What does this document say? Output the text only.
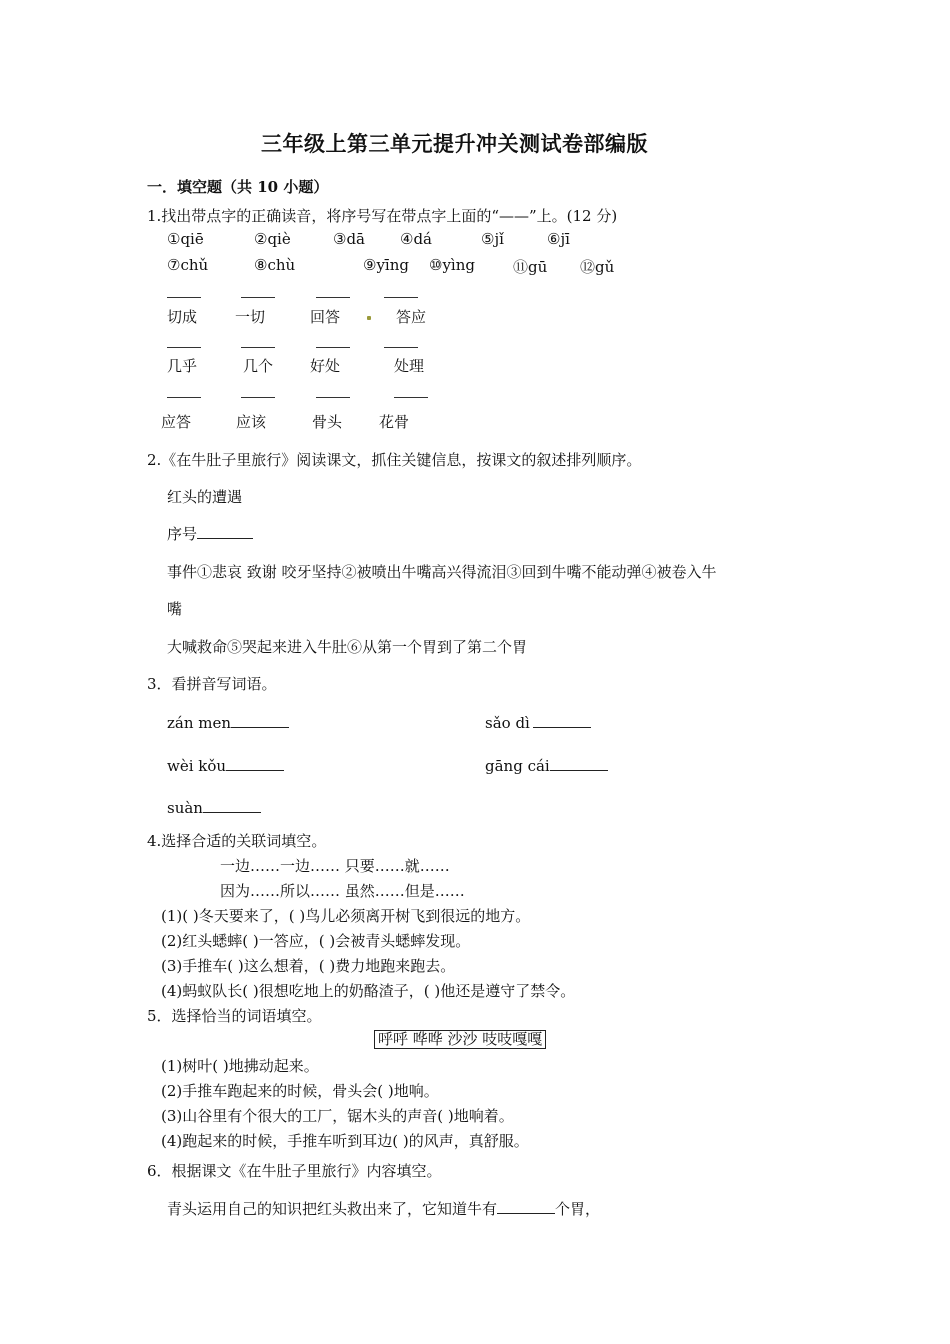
三年级上第三单元提升冲关测试卷部编版
一．填空题（共 10 小题）
1.找出带点字的正确读音，将序号写在带点字上面的“——”上。(12 分)
①qiē	②qiè	③dā ④dá	⑤jǐ	⑥jī
⑦chǔ	⑧chù	⑨yīng ⑩yìng	⑪gū ⑫gǔ
切成	一切	回答	答应
几乎	几个 好处	处理
应答	应该	骨头 花骨
2.《在牛肚子里旅行》阅读课文，抓住关键信息，按课文的叙述排列顺序。
红头的遭遇
序号
事件①悲哀 致谢 咬牙坚持②被喷出牛嘴高兴得流泪③回到牛嘴不能动弹④被卷入牛
嘴
大喊救命⑤哭起来进入牛肚⑥从第一个胃到了第二个胃
3．看拼音写词语。
zán men	sǎo dì
wèi kǒu	gāng cái
suàn
4.选择合适的关联词填空。
一边……一边…… 只要……就……
因为……所以…… 虽然……但是……
(1)( )冬天要来了，( )鸟儿必须离开树飞到很远的地方。
(2)红头蟋蟀( )一答应，( )会被青头蟋蟀发现。
(3)手推车( )这么想着，( )费力地跑来跑去。
(4)蚂蚁队长( )很想吃地上的奶酪渣子，( )他还是遵守了禁令。
5．选择恰当的词语填空。
呼呼 哗哗 沙沙 吱吱嘎嘎
(1)树叶( )地拂动起来。
(2)手推车跑起来的时候，骨头会( )地响。
(3)山谷里有个很大的工厂，锯木头的声音( )地响着。
(4)跑起来的时候，手推车听到耳边( )的风声，真舒服。
6．根据课文《在牛肚子里旅行》内容填空。
青头运用自己的知识把红头救出来了，它知道牛有	个胃，
